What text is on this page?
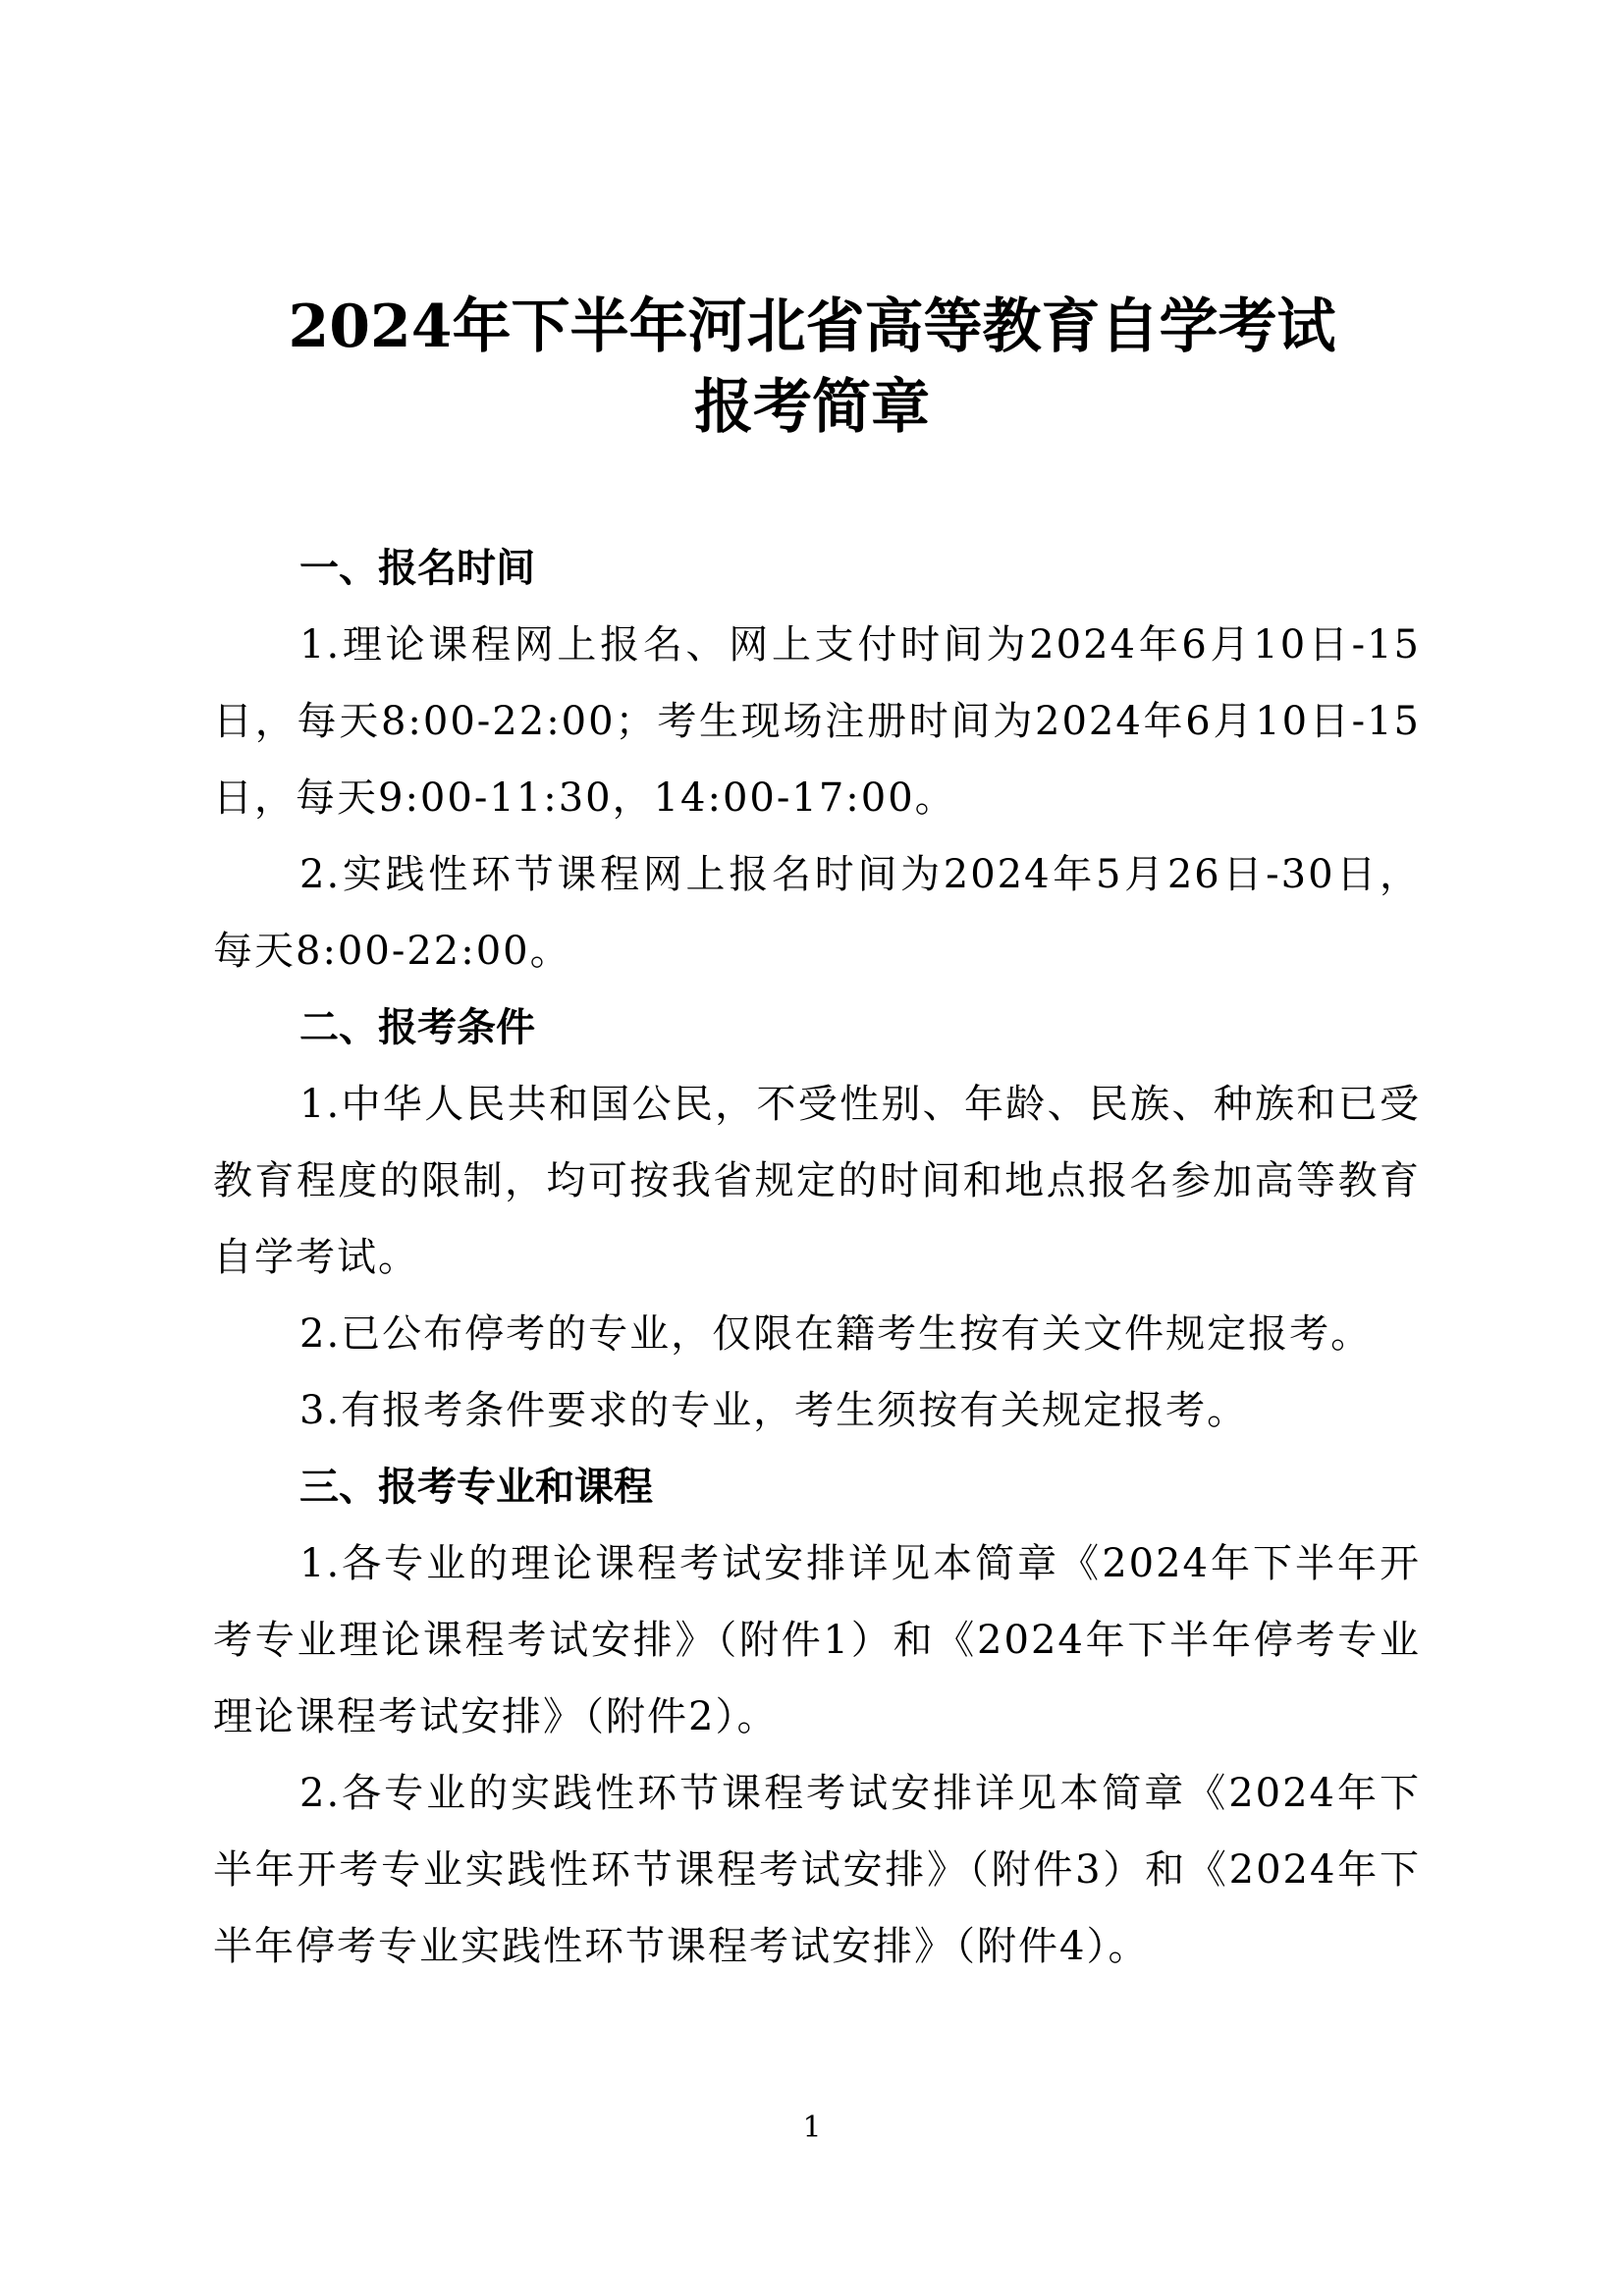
2024年下半年河北省高等教育自学考试
报考简章

一、报名时间

1.理论课程网上报名、网上支付时间为2024年6月10日-15日，每天8:00-22:00；考生现场注册时间为2024年6月10日-15日，每天9:00-11:30，14:00-17:00。

2.实践性环节课程网上报名时间为2024年5月26日-30日，每天8:00-22:00。

二、报考条件

1.中华人民共和国公民，不受性别、年龄、民族、种族和已受教育程度的限制，均可按我省规定的时间和地点报名参加高等教育自学考试。

2.已公布停考的专业，仅限在籍考生按有关文件规定报考。

3.有报考条件要求的专业，考生须按有关规定报考。

三、报考专业和课程

1.各专业的理论课程考试安排详见本简章《2024年下半年开考专业理论课程考试安排》（附件1）和《2024年下半年停考专业理论课程考试安排》（附件2）。

2.各专业的实践性环节课程考试安排详见本简章《2024年下半年开考专业实践性环节课程考试安排》（附件3）和《2024年下半年停考专业实践性环节课程考试安排》（附件4）。

1
